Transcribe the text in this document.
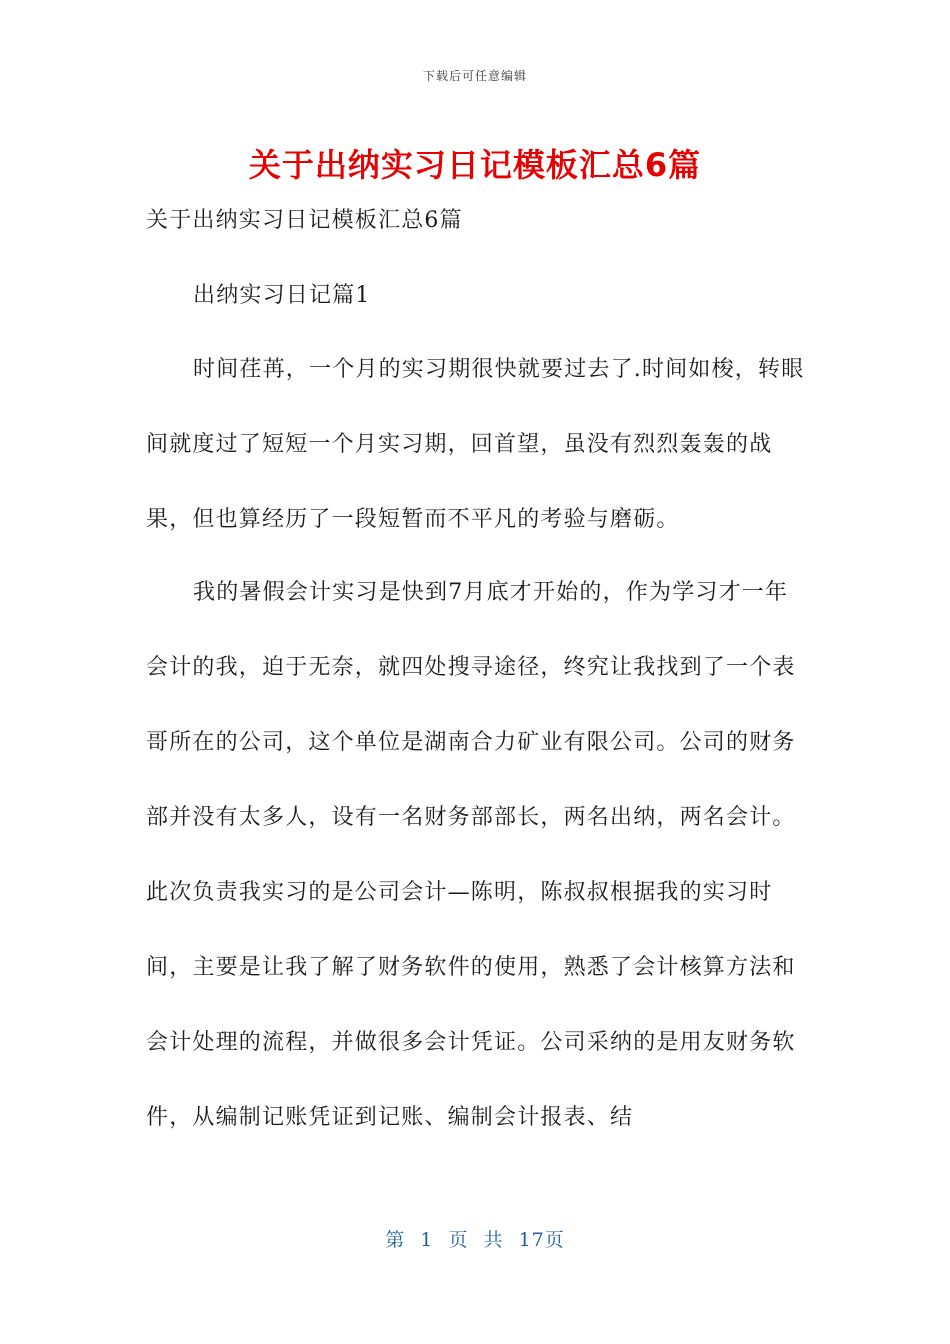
下载后可任意编辑
关于出纳实习日记模板汇总6篇
关于出纳实习日记模板汇总6篇
出纳实习日记篇1

时间荏苒，一个月的实习期很快就要过去了.时间如梭，转眼间就度过了短短一个月实习期，回首望，虽没有烈烈轰轰的战果，但也算经历了一段短暂而不平凡的考验与磨砺。

我的暑假会计实习是快到7月底才开始的，作为学习才一年会计的我，迫于无奈，就四处搜寻途径，终究让我找到了一个表哥所在的公司，这个单位是湖南合力矿业有限公司。公司的财务部并没有太多人，设有一名财务部部长，两名出纳，两名会计。此次负责我实习的是公司会计—陈明，陈叔叔根据我的实习时间，主要是让我了解了财务软件的使用，熟悉了会计核算方法和会计处理的流程，并做很多会计凭证。公司采纳的是用友财务软件，从编制记账凭证到记账、编制会计报表、结

第 1 页 共 17页
